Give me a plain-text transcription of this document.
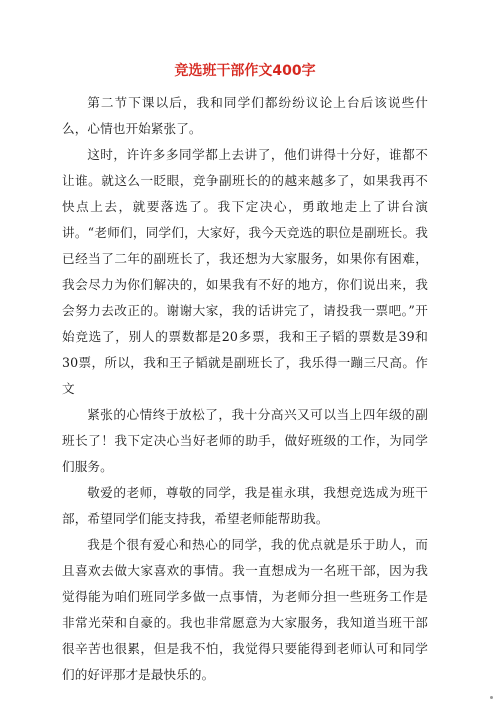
竞选班干部作文400字

第二节下课以后，我和同学们都纷纷议论上台后该说些什么，心情也开始紧张了。

这时，许许多多同学都上去讲了，他们讲得十分好，谁都不让谁。就这么一眨眼，竞争副班长的的越来越多了，如果我再不快点上去，就要落选了。我下定决心，勇敢地走上了讲台演讲。“老师们，同学们，大家好，我今天竞选的职位是副班长。我已经当了二年的副班长了，我还想为大家服务，如果你有困难，我会尽力为你们解决的，如果我有不好的地方，你们说出来，我会努力去改正的。谢谢大家，我的话讲完了，请投我一票吧。”开始竞选了，别人的票数都是20多票，我和王子韬的票数是39和30票，所以，我和王子韬就是副班长了，我乐得一蹦三尺高。作文

紧张的心情终于放松了，我十分高兴又可以当上四年级的副班长了！我下定决心当好老师的助手，做好班级的工作，为同学们服务。

敬爱的老师，尊敬的同学，我是崔永琪，我想竞选成为班干部，希望同学们能支持我，希望老师能帮助我。

我是个很有爱心和热心的同学，我的优点就是乐于助人，而且喜欢去做大家喜欢的事情。我一直想成为一名班干部，因为我觉得能为咱们班同学多做一点事情，为老师分担一些班务工作是非常光荣和自豪的。我也非常愿意为大家服务，我知道当班干部很辛苦也很累，但是我不怕，我觉得只要能得到老师认可和同学们的好评那才是最快乐的。
